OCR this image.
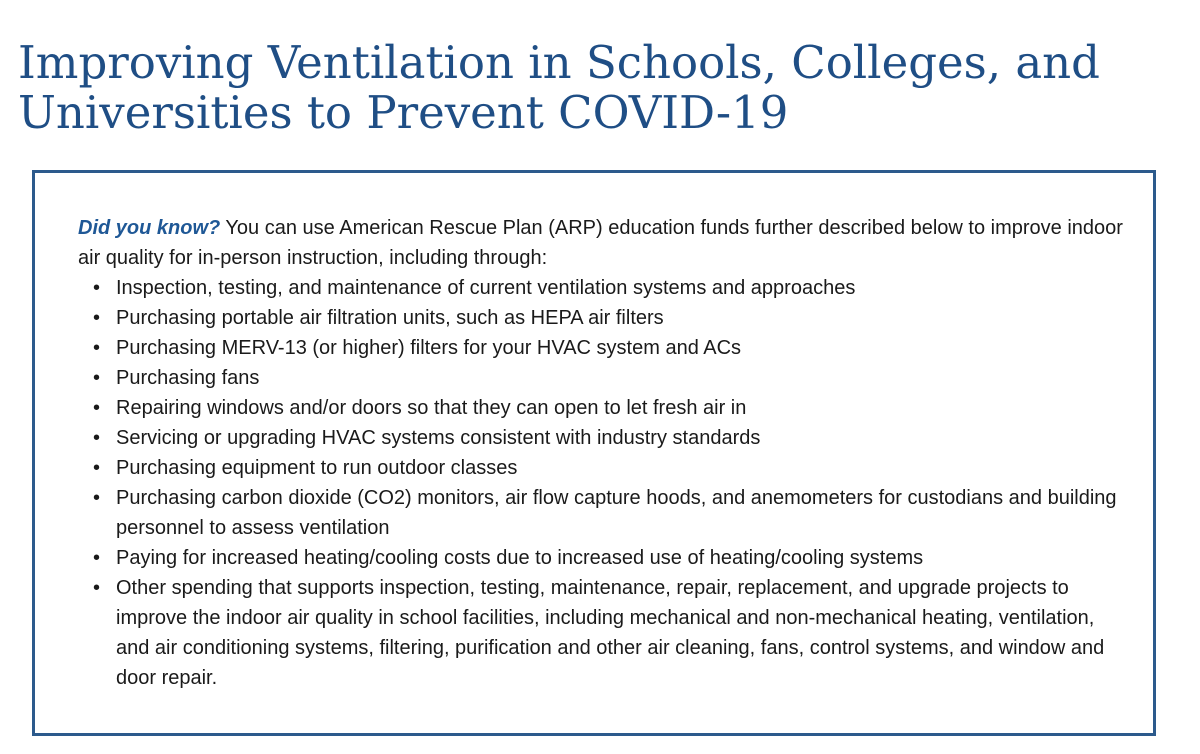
Improving Ventilation in Schools, Colleges, and Universities to Prevent COVID-19

Did you know? You can use American Rescue Plan (ARP) education funds further described below to improve indoor air quality for in-person instruction, including through:

• Inspection, testing, and maintenance of current ventilation systems and approaches
• Purchasing portable air filtration units, such as HEPA air filters
• Purchasing MERV-13 (or higher) filters for your HVAC system and ACs
• Purchasing fans
• Repairing windows and/or doors so that they can open to let fresh air in
• Servicing or upgrading HVAC systems consistent with industry standards
• Purchasing equipment to run outdoor classes
• Purchasing carbon dioxide (CO2) monitors, air flow capture hoods, and anemometers for custodians and building personnel to assess ventilation
• Paying for increased heating/cooling costs due to increased use of heating/cooling systems
• Other spending that supports inspection, testing, maintenance, repair, replacement, and upgrade projects to improve the indoor air quality in school facilities, including mechanical and non-mechanical heating, ventilation, and air conditioning systems, filtering, purification and other air cleaning, fans, control systems, and window and door repair.
